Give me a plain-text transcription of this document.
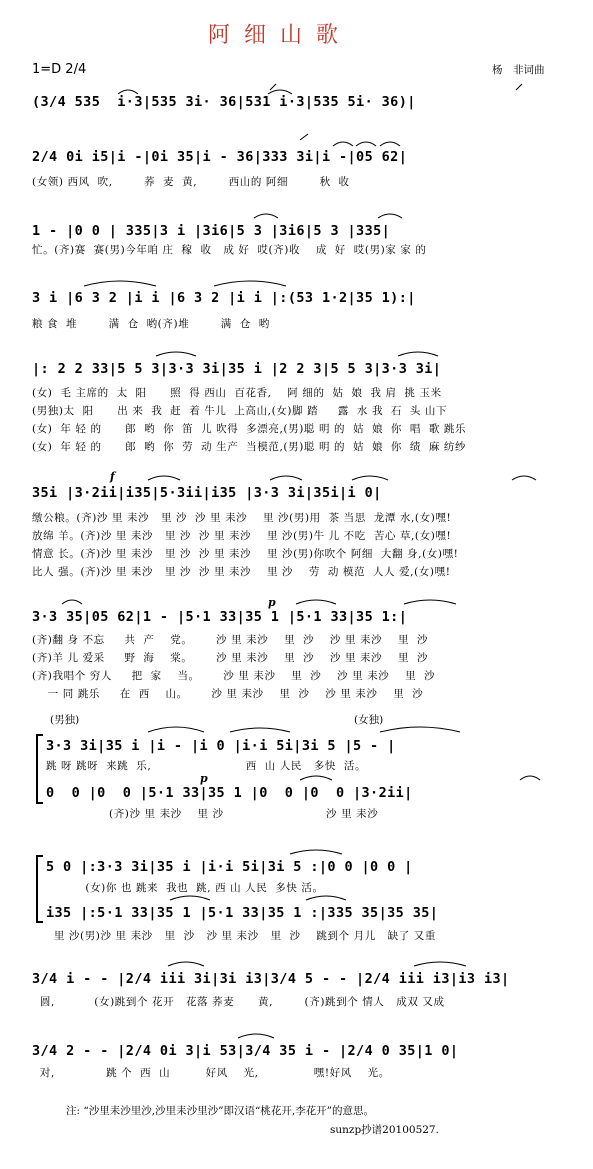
阿细山歌
1=D 2/4	杨　非词曲
(3/4 535  i·3|535 3i· 36|531 i·3|535 5i· 36)|
2/4 0i i5|i -|0i 35|i - 36|333 3i|i -|05 62|
(女领) 西风  吹,        荞  麦  黄,        西山的 阿细        秋  收
1 - |0 0 | 335|3 i |3i6|5 3 |3i6|5 3 |335|
忙。(齐)赛  赛(男)今年咱 庄  稼  收   成 好  哎(齐)收    成  好  哎(男)家 家 的
3 i |6 3 2 |i i |6 3 2 |i i |:(53 1·2|35 1):|
粮 食  堆        满  仓  哟(齐)堆        满  仓  哟
|: 2 2 33|5 5 3|3·3 3i|35 i |2 2 3|5 5 3|3·3 3i|
(女)  毛 主席的  太  阳      照  得 西山  百花香,    阿 细的  姑  娘  我 肩  挑 玉米
(男独)太  阳      出 来  我  赶  着 牛儿  上高山,(女)脚 踏     露  水 我  石  头 山下
(女)  年 轻 的      郎  哟  你  笛  儿 吹得  多漂亮,(男)聪 明 的  姑  娘  你  唱  歌 跳乐
(女)  年 轻 的      郎  哟  你  劳  动 生产  当模范,(男)聪 明 的  姑  娘  你  绩  麻 纺纱
f
35i |3·2ii|i35|5·3ii|i35 |3·3 3i|35i|i 0|
缴公粮。(齐)沙 里 耒沙   里 沙  沙 里 耒沙    里 沙(男)用  茶 当思  龙潭 水,(女)嘿!
放绵 羊。(齐)沙 里 耒沙   里 沙  沙 里 耒沙    里 沙(男)牛 儿 不吃  苦心 草,(女)嘿!
情意 长。(齐)沙 里 耒沙   里 沙  沙 里 耒沙    里 沙(男)你吹个 阿细  大翻 身,(女)嘿!
比人 强。(齐)沙 里 耒沙   里 沙  沙 里 耒沙    里 沙    劳  动 模范  人人 爱,(女)嘿!
p
3·3 35|05 62|1 - |5·1 33|35 1 |5·1 33|35 1:|
(齐)翻 身 不忘     共  产    党。      沙 里 耒沙    里  沙    沙 里 耒沙    里  沙
(齐)羊 儿 爱采     野  海    棠。      沙 里 耒沙    里  沙    沙 里 耒沙    里  沙
(齐)我唱个 穷人     把  家    当。      沙 里 耒沙    里  沙    沙 里 耒沙    里  沙
一 同 跳乐     在  西    山。      沙 里 耒沙    里  沙    沙 里 耒沙    里  沙
(男独)	(女独)
3·3 3i|35 i |i - |i 0 |i·i 5i|3i 5 |5 - |
跳 呀 跳呀  来跳  乐,                        西  山 人民   多快  活。
p
0  0 |0  0 |5·1 33|35 1 |0  0 |0  0 |3·2ii|
(齐)沙 里 耒沙    里 沙                          沙 里 耒沙
5 0 |:3·3 3i|35 i |i·i 5i|3i 5 :|0 0 |0 0 |
(女)你 也 跳来  我也  跳, 西 山 人民  多快 活。
i35 |:5·1 33|35 1 |5·1 33|35 1 :|335 35|35 35|
里 沙(男)沙 里 耒沙   里  沙   沙 里 耒沙   里  沙    跳到个 月儿   缺了 又重
3/4 i - - |2/4 iii 3i|3i i3|3/4 5 - - |2/4 iii i3|i3 i3|
圆,          (女)跳到个 花开   花落 荞麦      黄,        (齐)跳到个 情人   成双 又成
3/4 2 - - |2/4 0i 3|i 53|3/4 35 i - |2/4 0 35|1 0|
对,             跳 个  西  山         好风    光,              嘿!好风    光。
注: “沙里耒沙里沙,沙里耒沙里沙”即汉语“桃花开,李花开”的意思。
sunzp抄谱20100527.
